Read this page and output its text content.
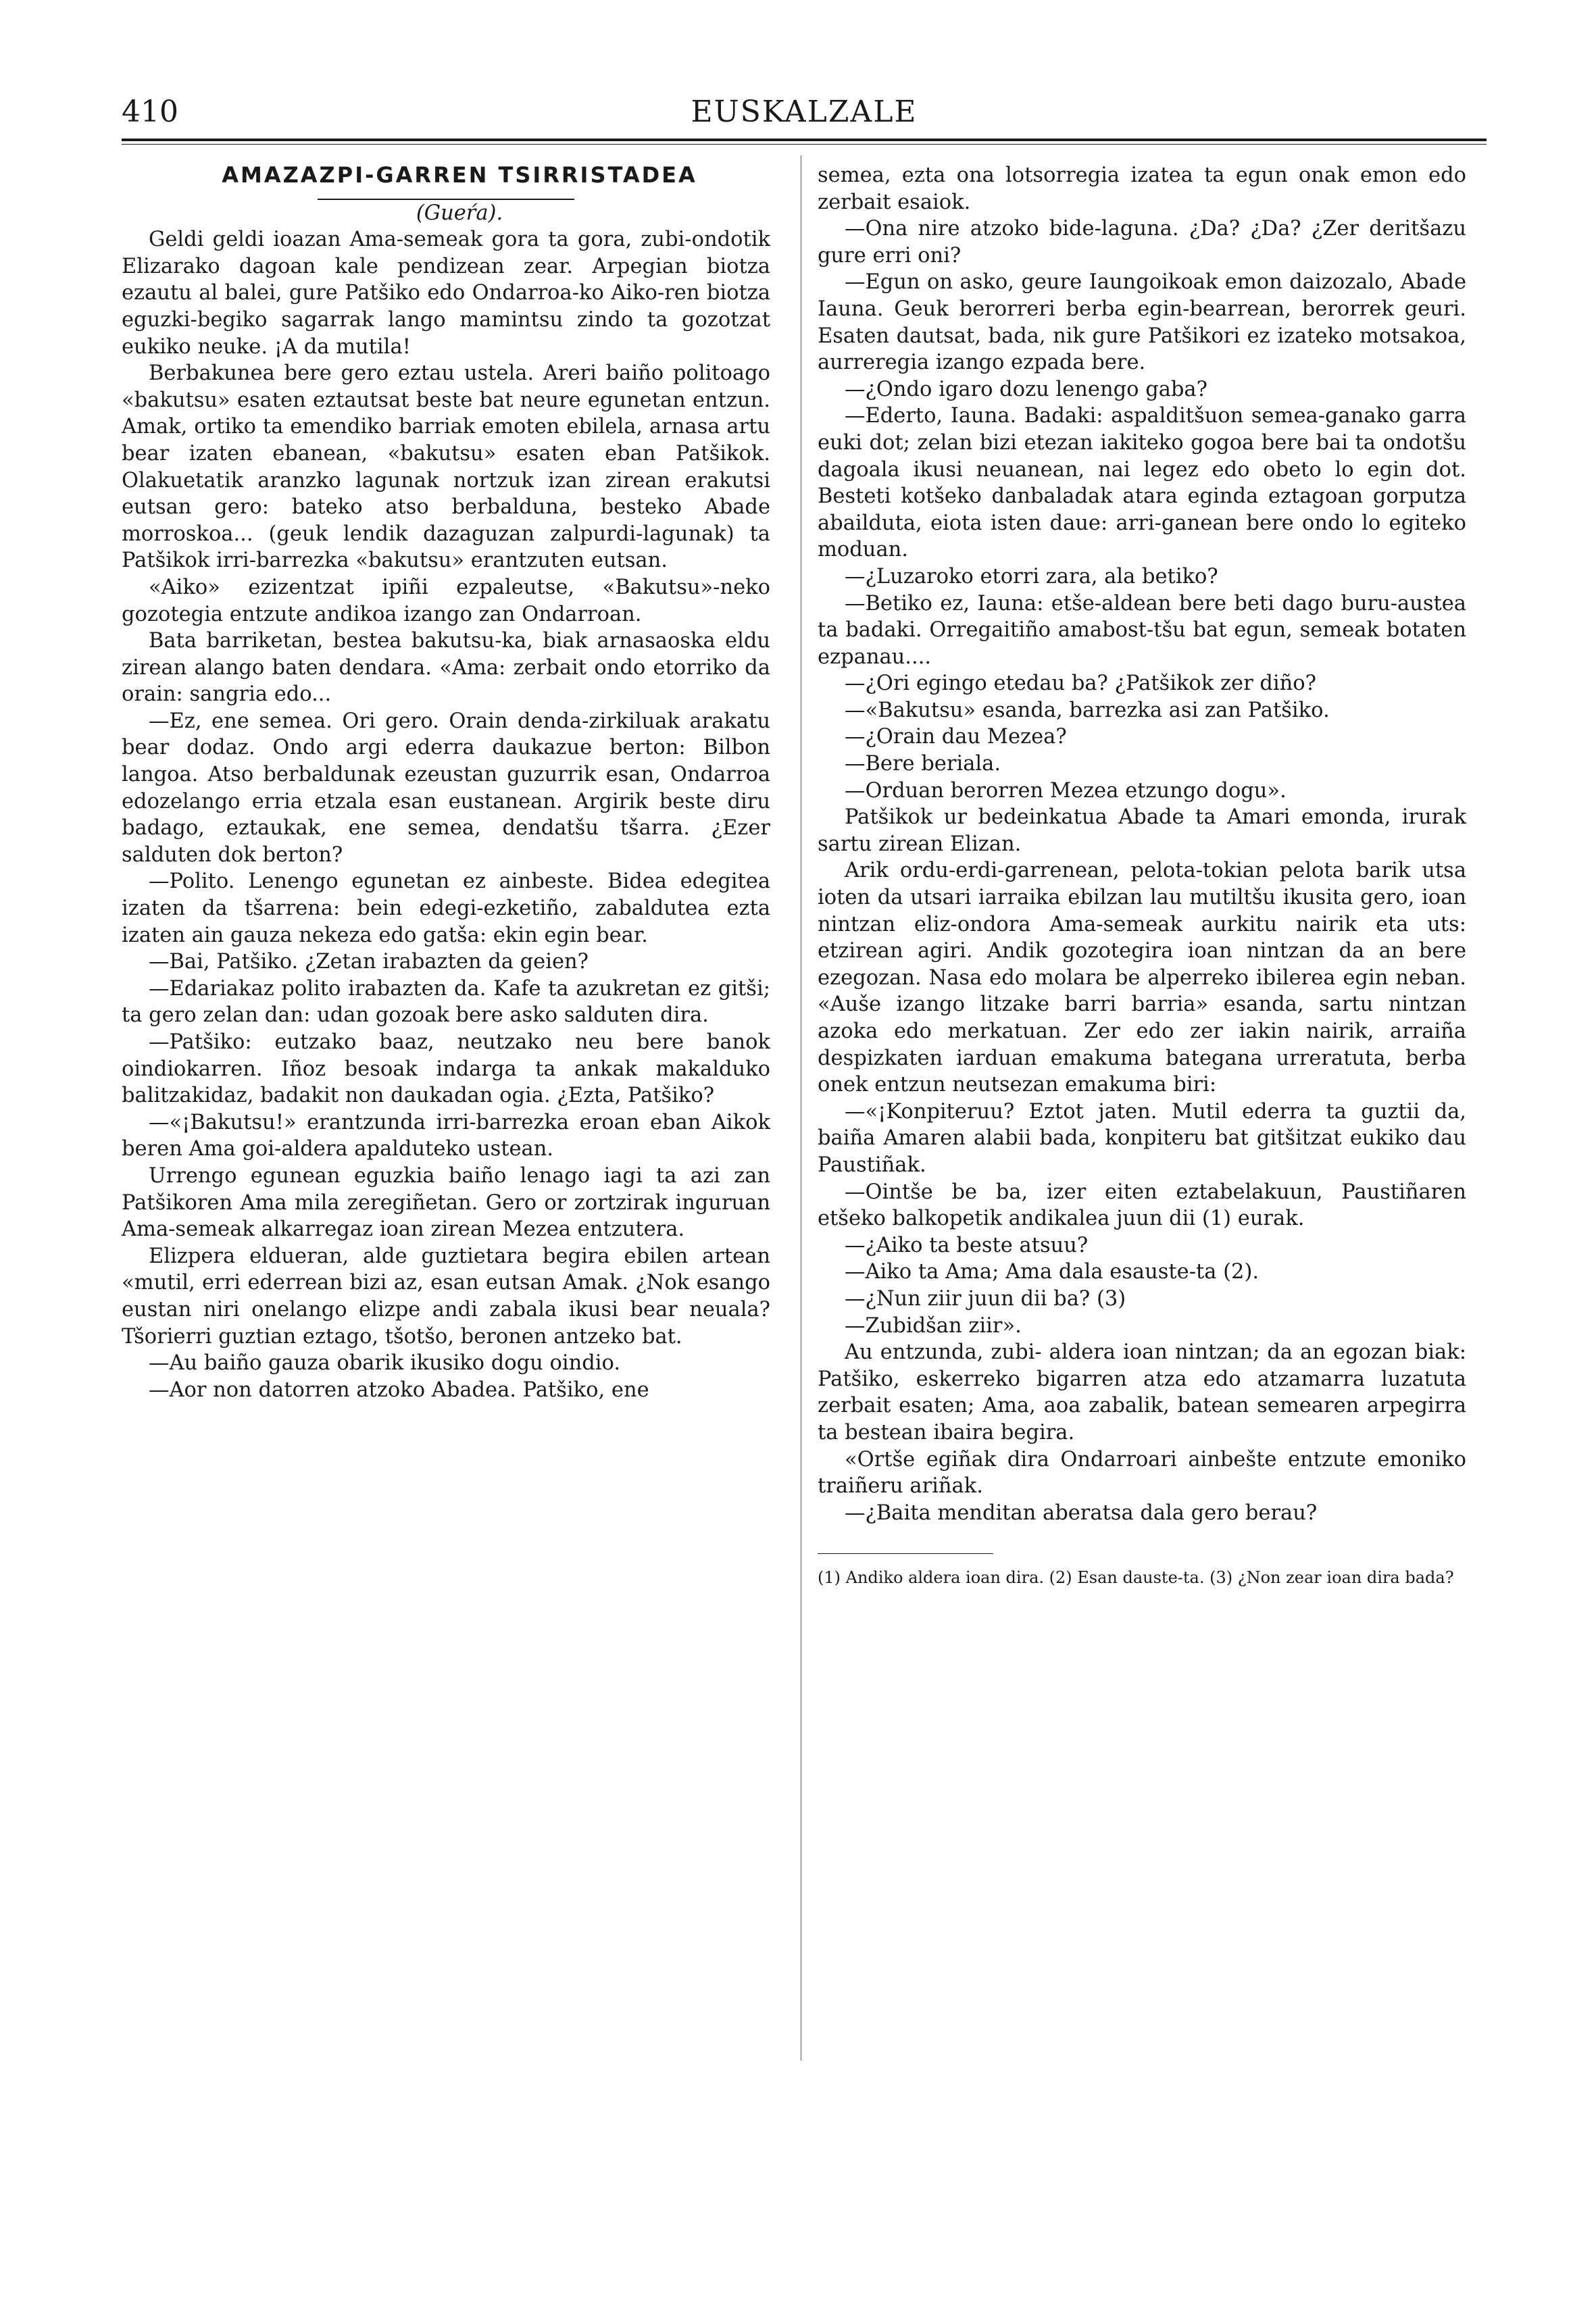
410	EUSKALZALE

AMAZAZPI-GARREN TSIRRISTADEA

(Gueŕa).

Geldi geldi ioazan Ama-semeak gora ta gora, zubi-ondotik Elizarako dagoan kale pendizean zear. Arpegian biotza ezautu al balei, gure Patšiko edo Ondarroa-ko Aiko-ren biotza eguzki-begiko sagarrak lango mamintsu zindo ta gozotzat eukiko neuke. ¡A da mutila!

Berbakunea bere gero eztau ustela. Areri baiño politoago «bakutsu» esaten eztautsat beste bat neure egunetan entzun. Amak, ortiko ta emendiko barriak emoten ebilela, arnasa artu bear izaten ebanean, «bakutsu» esaten eban Patšikok. Olakuetatik aranzko lagunak nortzuk izan zirean erakutsi eutsan gero: bateko atso berbalduna, besteko Abade morroskoa... (geuk lendik dazaguzan zalpurdi-lagunak) ta Patšikok irri-barrezka «bakutsu» erantzuten eutsan.

«Aiko» ezizentzat ipiñi ezpaleutse, «Bakutsu»-neko gozotegia entzute andikoa izango zan Ondarroan.

Bata barriketan, bestea bakutsu-ka, biak arnasaoska eldu zirean alango baten dendara. «Ama: zerbait ondo etorriko da orain: sangria edo...

—Ez, ene semea. Ori gero. Orain denda-zirkiluak arakatu bear dodaz. Ondo argi ederra daukazue berton: Bilbon langoa. Atso berbaldunak ezeustan guzurrik esan, Ondarroa edozelango erria etzala esan eustanean. Argirik beste diru badago, eztaukak, ene semea, dendatšu tšarra. ¿Ezer salduten dok berton?

—Polito. Lenengo egunetan ez ainbeste. Bidea edegitea izaten da tšarrena: bein edegi-ezketiño, zabaldutea ezta izaten ain gauza nekeza edo gatša: ekin egin bear.

—Bai, Patšiko. ¿Zetan irabazten da geien?

—Edariakaz polito irabazten da. Kafe ta azukretan ez gitši; ta gero zelan dan: udan gozoak bere asko salduten dira.

—Patšiko: eutzako baaz, neutzako neu bere banok oindiokarren. Iñoz besoak indarga ta ankak makalduko balitzakidaz, badakit non daukadan ogia. ¿Ezta, Patšiko?

—«¡Bakutsu!» erantzunda irri-barrezka eroan eban Aikok beren Ama goi-aldera apalduteko ustean.

Urrengo egunean eguzkia baiño lenago iagi ta azi zan Patšikoren Ama mila zeregiñetan. Gero or zortzirak inguruan Ama-semeak alkarregaz ioan zirean Mezea entzutera.

Elizpera eldueran, alde guztietara begira ebilen artean «mutil, erri ederrean bizi az, esan eutsan Amak. ¿Nok esango eustan niri onelango elizpe andi zabala ikusi bear neuala? Tšorierri guztian eztago, tšotšo, beronen antzeko bat.

—Au baiño gauza obarik ikusiko dogu oindio.

—Aor non datorren atzoko Abadea. Patšiko, ene

semea, ezta ona lotsorregia izatea ta egun onak emon edo zerbait esaiok.

—Ona nire atzoko bide-laguna. ¿Da? ¿Da? ¿Zer deritšazu gure erri oni?

—Egun on asko, geure Iaungoikoak emon daizozalo, Abade Iauna. Geuk berorreri berba egin-bearrean, berorrek geuri. Esaten dautsat, bada, nik gure Patšikori ez izateko motsakoa, aurreregia izango ezpada bere.

—¿Ondo igaro dozu lenengo gaba?

—Ederto, Iauna. Badaki: aspalditšuon semea-ganako garra euki dot; zelan bizi etezan iakiteko gogoa bere bai ta ondotšu dagoala ikusi neuanean, nai legez edo obeto lo egin dot. Besteti kotšeko danbaladak atara eginda eztagoan gorputza abailduta, eiota isten daue: arri-ganean bere ondo lo egiteko moduan.

—¿Luzaroko etorri zara, ala betiko?

—Betiko ez, Iauna: etše-aldean bere beti dago buru-austea ta badaki. Orregaitiño amabost-tšu bat egun, semeak botaten ezpanau....

—¿Ori egingo etedau ba? ¿Patšikok zer diño?

—«Bakutsu» esanda, barrezka asi zan Patšiko.

—¿Orain dau Mezea?

—Bere beriala.

—Orduan berorren Mezea etzungo dogu».

Patšikok ur bedeinkatua Abade ta Amari emonda, irurak sartu zirean Elizan.

Arik ordu-erdi-garrenean, pelota-tokian pelota barik utsa ioten da utsari iarraika ebilzan lau mutiltšu ikusita gero, ioan nintzan eliz-ondora Ama-semeak aurkitu nairik eta uts: etzirean agiri. Andik gozotegira ioan nintzan da an bere ezegozan. Nasa edo molara be alperreko ibilerea egin neban. «Auše izango litzake barri barria» esanda, sartu nintzan azoka edo merkatuan. Zer edo zer iakin nairik, arraiña despizkaten iarduan emakuma bategana urreratuta, berba onek entzun neutsezan emakuma biri:

—«¡Konpiteruu? Eztot jaten. Mutil ederra ta guztii da, baiña Amaren alabii bada, konpiteru bat gitšitzat eukiko dau Paustiñak.

—Ointše be ba, izer eiten eztabelakuun, Paustiñaren etšeko balkopetik andikalea juun dii (1) eurak.

—¿Aiko ta beste atsuu?

—Aiko ta Ama; Ama dala esauste-ta (2).

—¿Nun ziir juun dii ba? (3)

—Zubidšan ziir».

Au entzunda, zubi- aldera ioan nintzan; da an egozan biak: Patšiko, eskerreko bigarren atza edo atzamarra luzatuta zerbait esaten; Ama, aoa zabalik, batean semearen arpegirra ta bestean ibaira begira.

«Ortše egiñak dira Ondarroari ainbešte entzute emoniko traiñeru ariñak.

—¿Baita menditan aberatsa dala gero berau?

(1) Andiko aldera ioan dira. (2) Esan dauste-ta. (3) ¿Non zear ioan dira bada?
